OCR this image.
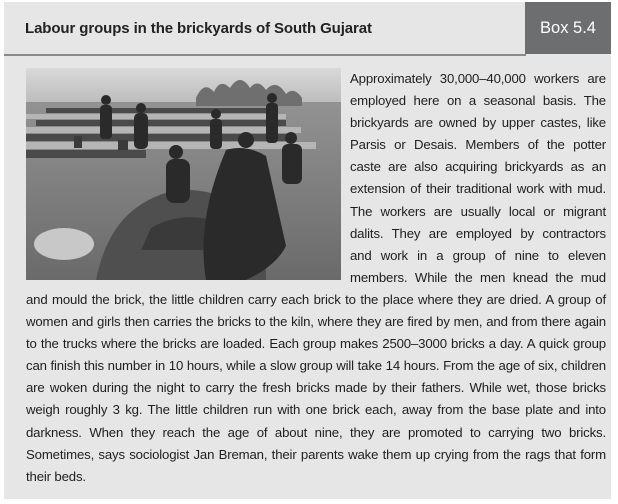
Labour groups in the brickyards of South Gujarat	Box 5.4

Approximately 30,000–40,000 workers are employed here on a seasonal basis. The brickyards are owned by upper castes, like Parsis or Desais. Members of the potter caste are also acquiring brickyards as an extension of their traditional work with mud. The workers are usually local or migrant dalits. They are employed by contractors and work in a group of nine to eleven members. While the men knead the mud and mould the brick, the little children carry each brick to the place where they are dried. A group of women and girls then carries the bricks to the kiln, where they are fired by men, and from there again to the trucks where the bricks are loaded. Each group makes 2500–3000 bricks a day. A quick group can finish this number in 10 hours, while a slow group will take 14 hours. From the age of six, children are woken during the night to carry the fresh bricks made by their fathers. While wet, those bricks weigh roughly 3 kg. The little children run with one brick each, away from the base plate and into darkness. When they reach the age of about nine, they are promoted to carrying two bricks. Sometimes, says sociologist Jan Breman, their parents wake them up crying from the rags that form their beds.
